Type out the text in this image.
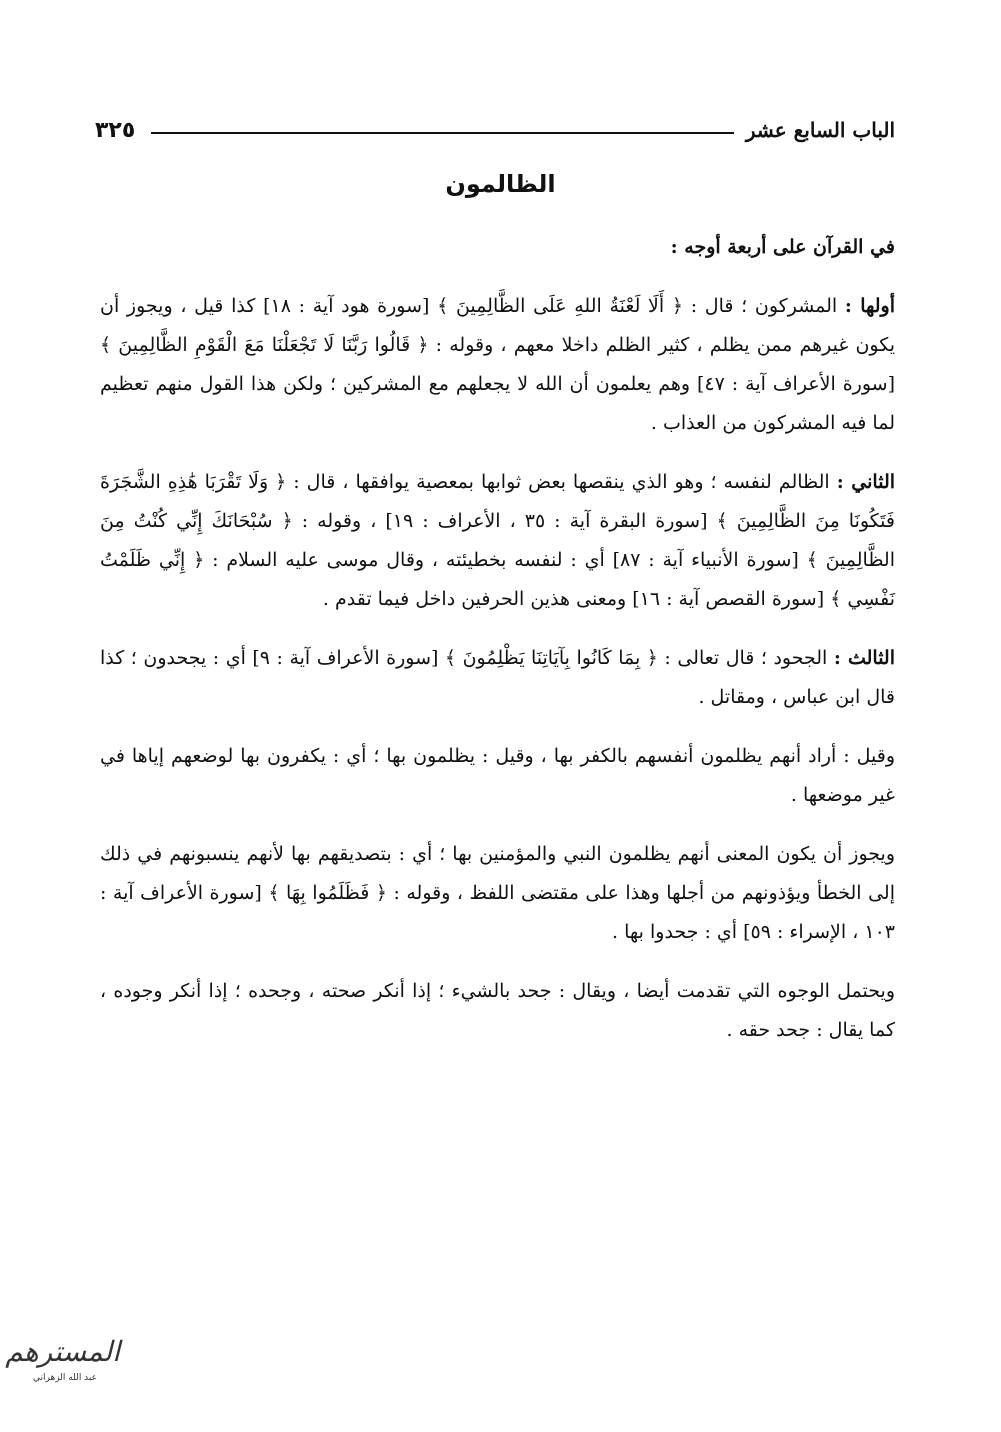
الباب السابع عشر
٣٢٥
الظالمون

في القرآن على أربعة أوجه :

أولها : المشركون ؛ قال : ﴿ أَلَا لَعْنَةُ اللهِ عَلَى الظَّالِمِينَ ﴾ [سورة هود آية : ١٨] كذا قيل ، ويجوز أن يكون غيرهم ممن يظلم ، كثير الظلم داخلا معهم ، وقوله : ﴿ قَالُوا رَبَّنَا لَا تَجْعَلْنَا مَعَ الْقَوْمِ الظَّالِمِينَ ﴾ [سورة الأعراف آية : ٤٧] وهم يعلمون أن الله لا يجعلهم مع المشركين ؛ ولكن هذا القول منهم تعظيم لما فيه المشركون من العذاب .

الثاني : الظالم لنفسه ؛ وهو الذي ينقصها بعض ثوابها بمعصية يوافقها ، قال : ﴿ وَلَا تَقْرَبَا هَٰذِهِ الشَّجَرَةَ فَتَكُونَا مِنَ الظَّالِمِينَ ﴾ [سورة البقرة آية : ٣٥ ، الأعراف : ١٩] ، وقوله : ﴿ سُبْحَانَكَ إِنِّي كُنْتُ مِنَ الظَّالِمِينَ ﴾ [سورة الأنبياء آية : ٨٧] أي : لنفسه بخطيئته ، وقال موسى عليه السلام : ﴿ إِنِّي ظَلَمْتُ نَفْسِي ﴾ [سورة القصص آية : ١٦] ومعنى هذين الحرفين داخل فيما تقدم .

الثالث : الجحود ؛ قال تعالى : ﴿ بِمَا كَانُوا بِآيَاتِنَا يَظْلِمُونَ ﴾ [سورة الأعراف آية : ٩] أي : يجحدون ؛ كذا قال ابن عباس ، ومقاتل .

وقيل : أراد أنهم يظلمون أنفسهم بالكفر بها ، وقيل : يظلمون بها ؛ أي : يكفرون بها لوضعهم إياها في غير موضعها .

ويجوز أن يكون المعنى أنهم يظلمون النبي والمؤمنين بها ؛ أي : بتصديقهم بها لأنهم ينسبونهم في ذلك إلى الخطأ ويؤذونهم من أجلها وهذا على مقتضى اللفظ ، وقوله : ﴿ فَظَلَمُوا بِهَا ﴾ [سورة الأعراف آية : ١٠٣ ، الإسراء : ٥٩] أي : جحدوا بها .

ويحتمل الوجوه التي تقدمت أيضا ، ويقال : جحد بالشيء ؛ إذا أنكر صحته ، وجحده ؛ إذا أنكر وجوده ، كما يقال : جحد حقه .

المسترهم
عبد الله الزهراني
